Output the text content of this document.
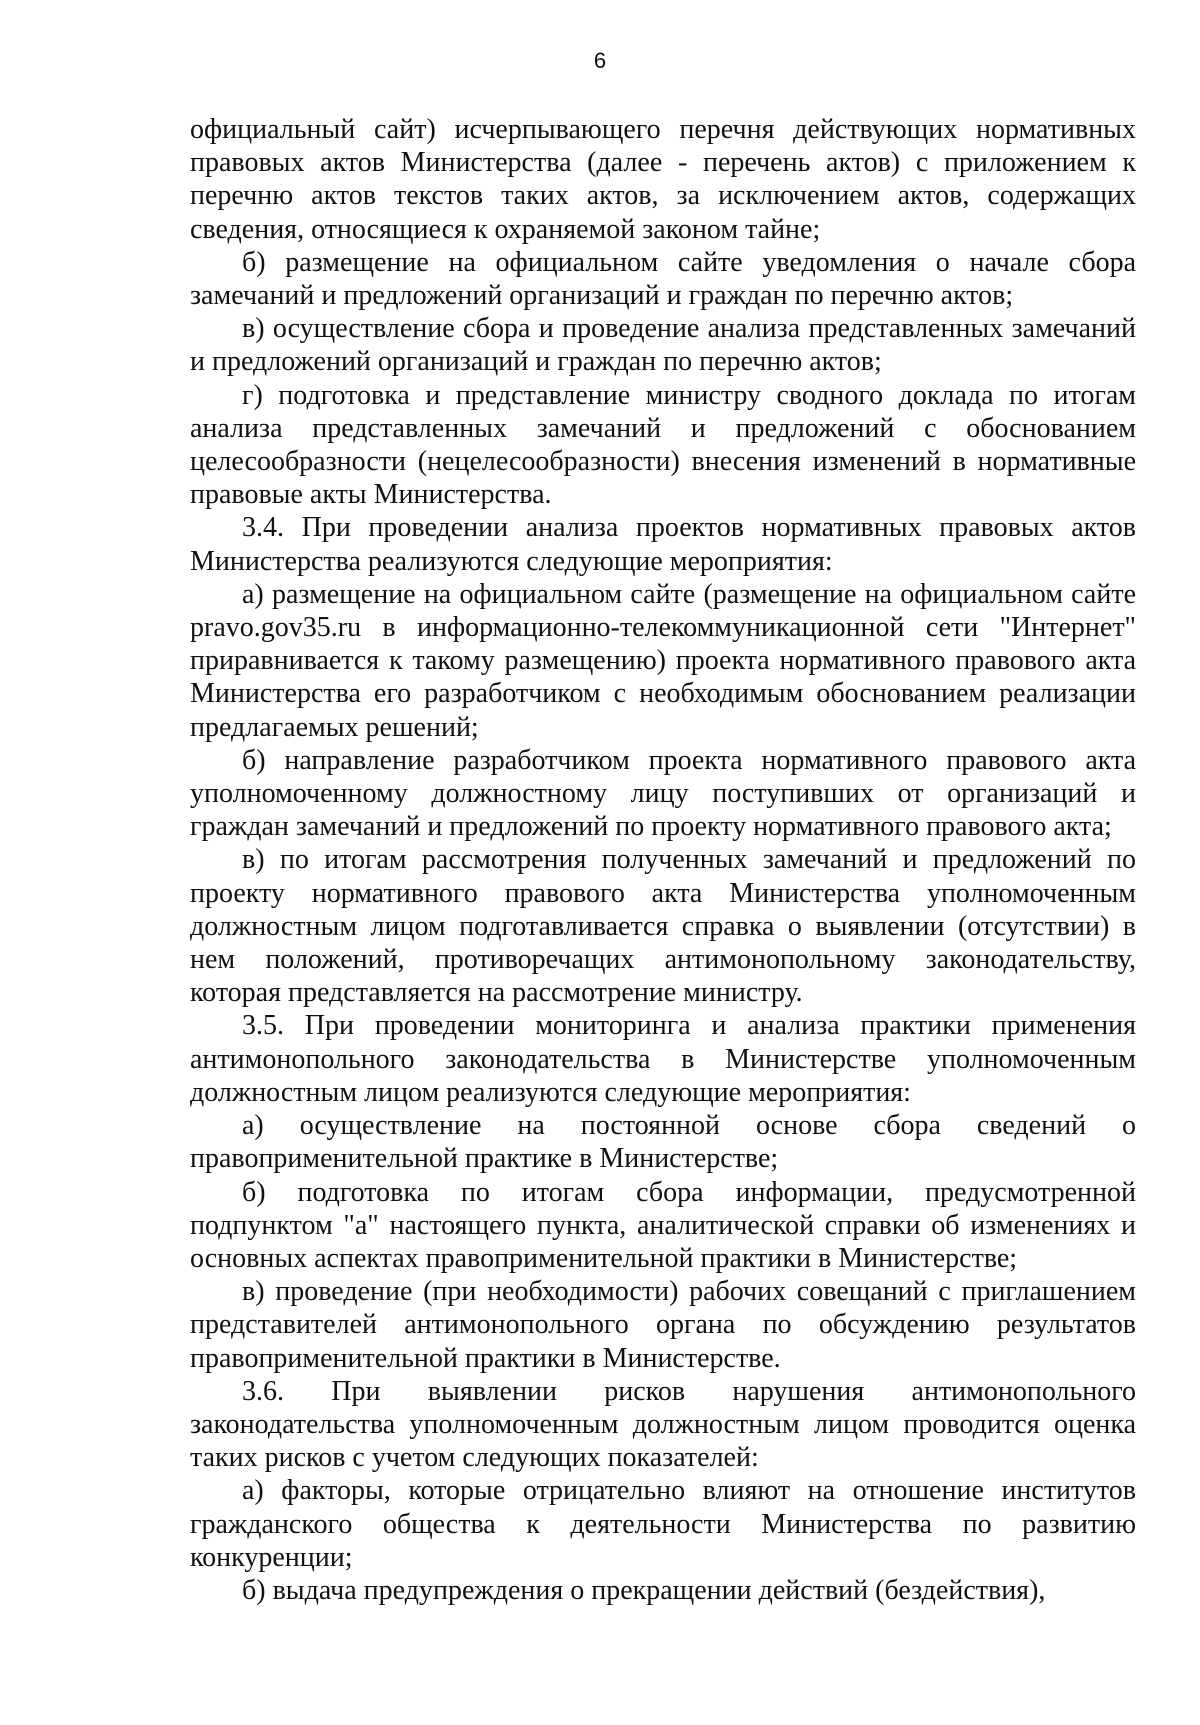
6

официальный сайт) исчерпывающего перечня действующих нормативных правовых актов Министерства (далее - перечень актов) с приложением к перечню актов текстов таких актов, за исключением актов, содержащих сведения, относящиеся к охраняемой законом тайне;

б) размещение на официальном сайте уведомления о начале сбора замечаний и предложений организаций и граждан по перечню актов;

в) осуществление сбора и проведение анализа представленных замечаний и предложений организаций и граждан по перечню актов;

г) подготовка и представление министру сводного доклада по итогам анализа представленных замечаний и предложений с обоснованием целесообразности (нецелесообразности) внесения изменений в нормативные правовые акты Министерства.

3.4. При проведении анализа проектов нормативных правовых актов Министерства реализуются следующие мероприятия:

а) размещение на официальном сайте (размещение на официальном сайте pravo.gov35.ru в информационно-телекоммуникационной сети "Интернет" приравнивается к такому размещению) проекта нормативного правового акта Министерства его разработчиком с необходимым обоснованием реализации предлагаемых решений;

б) направление разработчиком проекта нормативного правового акта уполномоченному должностному лицу поступивших от организаций и граждан замечаний и предложений по проекту нормативного правового акта;

в) по итогам рассмотрения полученных замечаний и предложений по проекту нормативного правового акта Министерства уполномоченным должностным лицом подготавливается справка о выявлении (отсутствии) в нем положений, противоречащих антимонопольному законодательству, которая представляется на рассмотрение министру.

3.5. При проведении мониторинга и анализа практики применения антимонопольного законодательства в Министерстве уполномоченным должностным лицом реализуются следующие мероприятия:

а) осуществление на постоянной основе сбора сведений о правоприменительной практике в Министерстве;

б) подготовка по итогам сбора информации, предусмотренной подпунктом "а" настоящего пункта, аналитической справки об изменениях и основных аспектах правоприменительной практики в Министерстве;

в) проведение (при необходимости) рабочих совещаний с приглашением представителей антимонопольного органа по обсуждению результатов правоприменительной практики в Министерстве.

3.6. При выявлении рисков нарушения антимонопольного законодательства уполномоченным должностным лицом проводится оценка таких рисков с учетом следующих показателей:

а) факторы, которые отрицательно влияют на отношение институтов гражданского общества к деятельности Министерства по развитию конкуренции;

б) выдача предупреждения о прекращении действий (бездействия),
